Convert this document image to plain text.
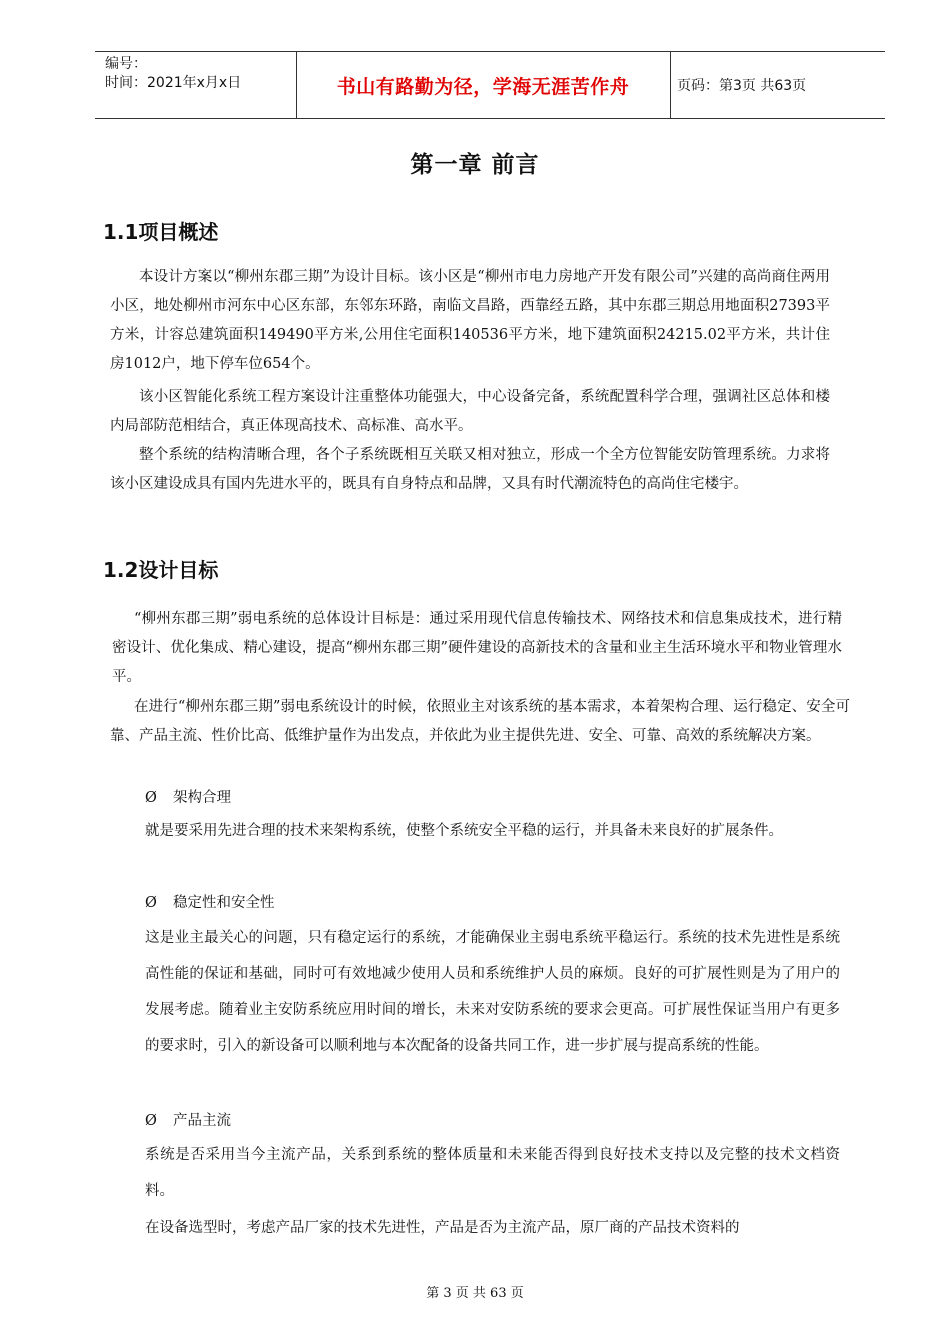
编号：
时间：2021年x月x日	书山有路勤为径，学海无涯苦作舟	页码：第3页 共63页
第一章 前言
1.1项目概述

本设计方案以“柳州东郡三期”为设计目标。该小区是“柳州市电力房地产开发有限公司”兴建的高尚商住两用小区，地处柳州市河东中心区东部，东邻东环路，南临文昌路，西靠经五路，其中东郡三期总用地面积27393平方米，计容总建筑面积149490平方米,公用住宅面积140536平方米，地下建筑面积24215.02平方米，共计住房1012户，地下停车位654个。

该小区智能化系统工程方案设计注重整体功能强大，中心设备完备，系统配置科学合理，强调社区总体和楼内局部防范相结合，真正体现高技术、高标准、高水平。

整个系统的结构清晰合理，各个子系统既相互关联又相对独立，形成一个全方位智能安防管理系统。力求将该小区建设成具有国内先进水平的，既具有自身特点和品牌，又具有时代潮流特色的高尚住宅楼宇。

1.2设计目标

“柳州东郡三期”弱电系统的总体设计目标是：通过采用现代信息传输技术、网络技术和信息集成技术，进行精密设计、优化集成、精心建设，提高“柳州东郡三期”硬件建设的高新技术的含量和业主生活环境水平和物业管理水平。

在进行“柳州东郡三期”弱电系统设计的时候，依照业主对该系统的基本需求，本着架构合理、运行稳定、安全可靠、产品主流、性价比高、低维护量作为出发点，并依此为业主提供先进、安全、可靠、高效的系统解决方案。

Ø	架构合理

就是要采用先进合理的技术来架构系统，使整个系统安全平稳的运行，并具备未来良好的扩展条件。

Ø	稳定性和安全性

这是业主最关心的问题，只有稳定运行的系统，才能确保业主弱电系统平稳运行。系统的技术先进性是系统高性能的保证和基础，同时可有效地减少使用人员和系统维护人员的麻烦。良好的可扩展性则是为了用户的发展考虑。随着业主安防系统应用时间的增长，未来对安防系统的要求会更高。可扩展性保证当用户有更多的要求时，引入的新设备可以顺利地与本次配备的设备共同工作，进一步扩展与提高系统的性能。

Ø	产品主流

系统是否采用当今主流产品，关系到系统的整体质量和未来能否得到良好技术支持以及完整的技术文档资料。

在设备选型时，考虑产品厂家的技术先进性，产品是否为主流产品，原厂商的产品技术资料的

第 3 页 共 63 页
